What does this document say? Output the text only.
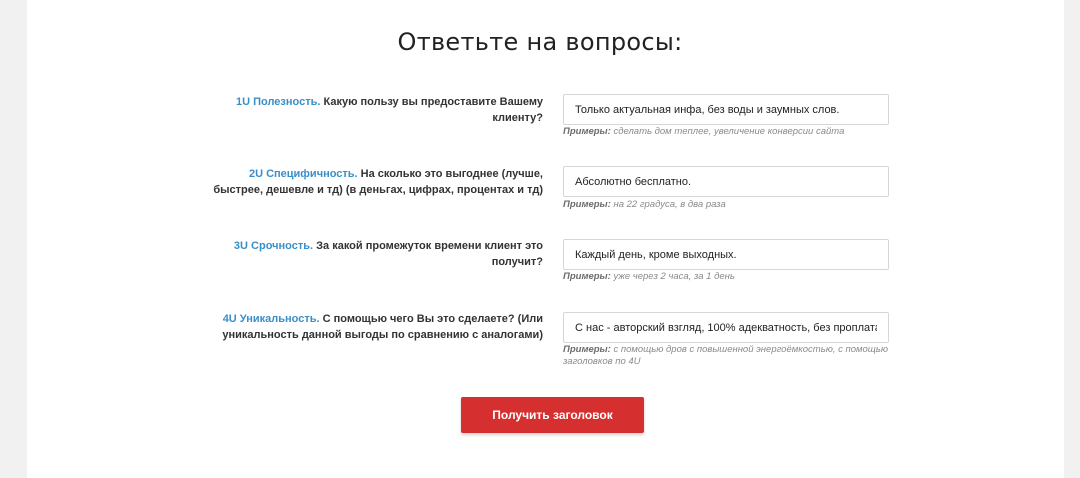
Ответьте на вопросы:
1U Полезность. Какую пользу вы предоставите Вашему клиенту?
Только актуальная инфа, без воды и заумных слов.
Примеры: сделать дом теплее, увеличение конверсии сайта
2U Специфичность. На сколько это выгоднее (лучше, быстрее, дешевле и тд) (в деньгах, цифрах, процентах и тд)
Абсолютно бесплатно.
Примеры: на 22 градуса, в два раза
3U Срочность. За какой промежуток времени клиент это получит?
Каждый день, кроме выходных.
Примеры: уже через 2 часа, за 1 день
4U Уникальность. С помощью чего Вы это сделаете? (Или уникальность данной выгоды по сравнению с аналогами)
С нас - авторский взгляд, 100% адекватность, без проплата.
Примеры: с помощью дров с повышенной энергоёмкостью, с помощью заголовков по 4U
Получить заголовок
